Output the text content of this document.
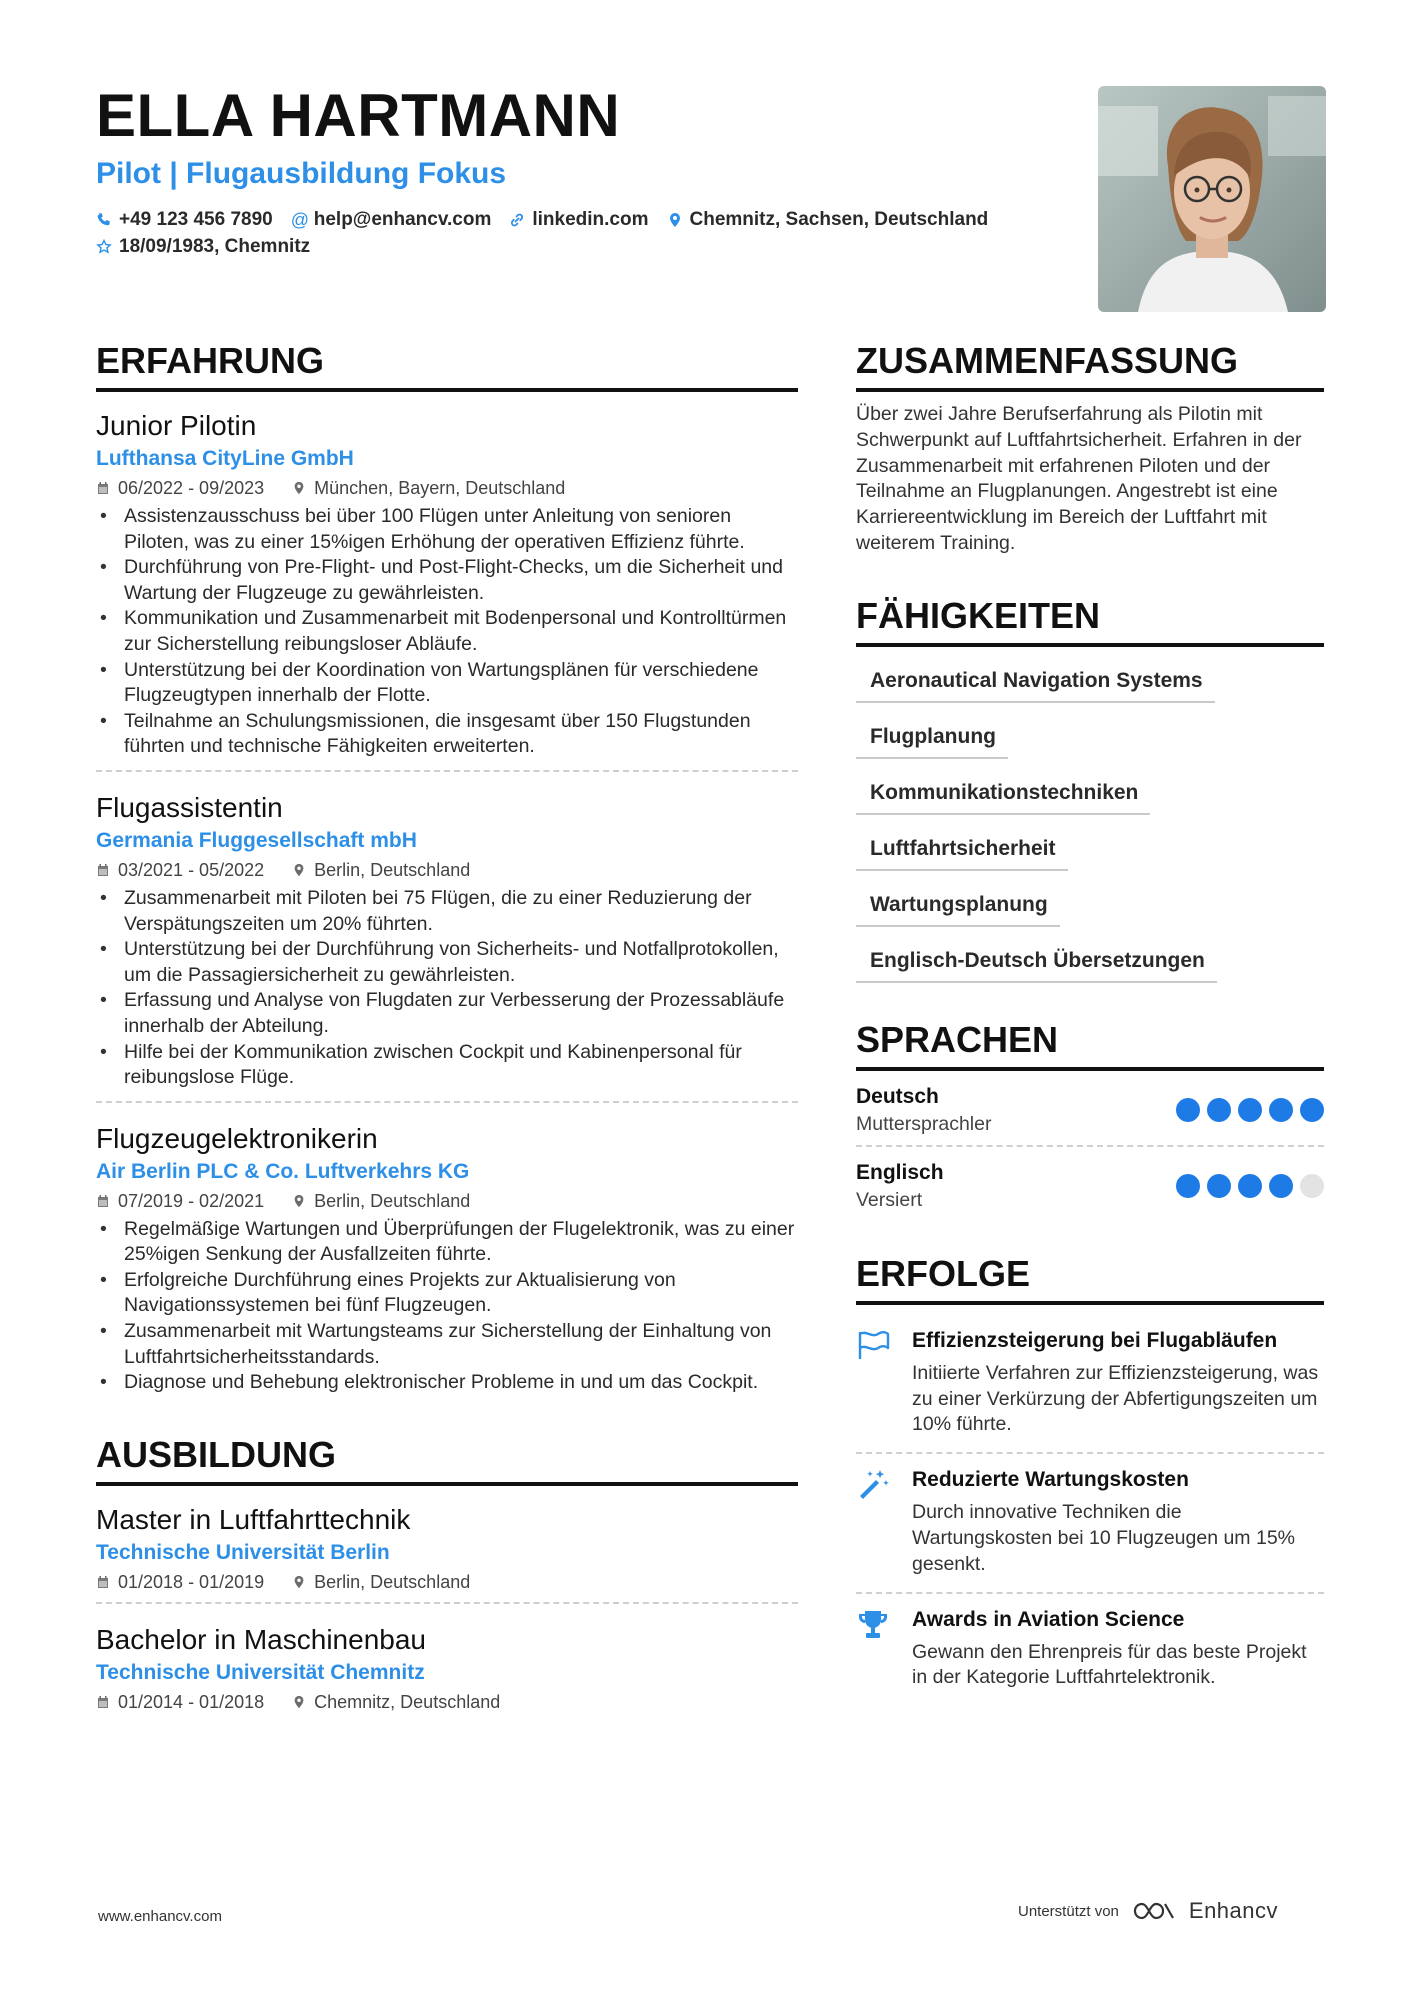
ELLA HARTMANN
Pilot | Flugausbildung Fokus
+49 123 456 7890 @ help@enhancv.com linkedin.com Chemnitz, Sachsen, Deutschland
18/09/1983, Chemnitz
ERFAHRUNG
Junior Pilotin
Lufthansa CityLine GmbH
06/2022 - 09/2023	München, Bayern, Deutschland
• Assistenzausschuss bei über 100 Flügen unter Anleitung von senioren Piloten, was zu einer 15%igen Erhöhung der operativen Effizienz führte.
• Durchführung von Pre-Flight- und Post-Flight-Checks, um die Sicherheit und Wartung der Flugzeuge zu gewährleisten.
• Kommunikation und Zusammenarbeit mit Bodenpersonal und Kontrolltürmen zur Sicherstellung reibungsloser Abläufe.
• Unterstützung bei der Koordination von Wartungsplänen für verschiedene Flugzeugtypen innerhalb der Flotte.
• Teilnahme an Schulungsmissionen, die insgesamt über 150 Flugstunden führten und technische Fähigkeiten erweiterten.
Flugassistentin
Germania Fluggesellschaft mbH
03/2021 - 05/2022	Berlin, Deutschland
• Zusammenarbeit mit Piloten bei 75 Flügen, die zu einer Reduzierung der Verspätungszeiten um 20% führten.
• Unterstützung bei der Durchführung von Sicherheits- und Notfallprotokollen, um die Passagiersicherheit zu gewährleisten.
• Erfassung und Analyse von Flugdaten zur Verbesserung der Prozessabläufe innerhalb der Abteilung.
• Hilfe bei der Kommunikation zwischen Cockpit und Kabinenpersonal für reibungslose Flüge.
Flugzeugelektronikerin
Air Berlin PLC & Co. Luftverkehrs KG
07/2019 - 02/2021	Berlin, Deutschland
• Regelmäßige Wartungen und Überprüfungen der Flugelektronik, was zu einer 25%igen Senkung der Ausfallzeiten führte.
• Erfolgreiche Durchführung eines Projekts zur Aktualisierung von Navigationssystemen bei fünf Flugzeugen.
• Zusammenarbeit mit Wartungsteams zur Sicherstellung der Einhaltung von Luftfahrtsicherheitsstandards.
• Diagnose und Behebung elektronischer Probleme in und um das Cockpit.
AUSBILDUNG
Master in Luftfahrttechnik
Technische Universität Berlin
01/2018 - 01/2019	Berlin, Deutschland
Bachelor in Maschinenbau
Technische Universität Chemnitz
01/2014 - 01/2018	Chemnitz, Deutschland
ZUSAMMENFASSUNG
Über zwei Jahre Berufserfahrung als Pilotin mit Schwerpunkt auf Luftfahrtsicherheit. Erfahren in der Zusammenarbeit mit erfahrenen Piloten und der Teilnahme an Flugplanungen. Angestrebt ist eine Karriereentwicklung im Bereich der Luftfahrt mit weiterem Training.
FÄHIGKEITEN
Aeronautical Navigation Systems
Flugplanung
Kommunikationstechniken
Luftfahrtsicherheit
Wartungsplanung
Englisch-Deutsch Übersetzungen
SPRACHEN
Deutsch
Muttersprachler
Englisch
Versiert
ERFOLGE
Effizienzsteigerung bei Flugabläufen
Initiierte Verfahren zur Effizienzsteigerung, was zu einer Verkürzung der Abfertigungszeiten um 10% führte.
Reduzierte Wartungskosten
Durch innovative Techniken die Wartungskosten bei 10 Flugzeugen um 15% gesenkt.
Awards in Aviation Science
Gewann den Ehrenpreis für das beste Projekt in der Kategorie Luftfahrtelektronik.
www.enhancv.com	Unterstützt von	Enhancv
